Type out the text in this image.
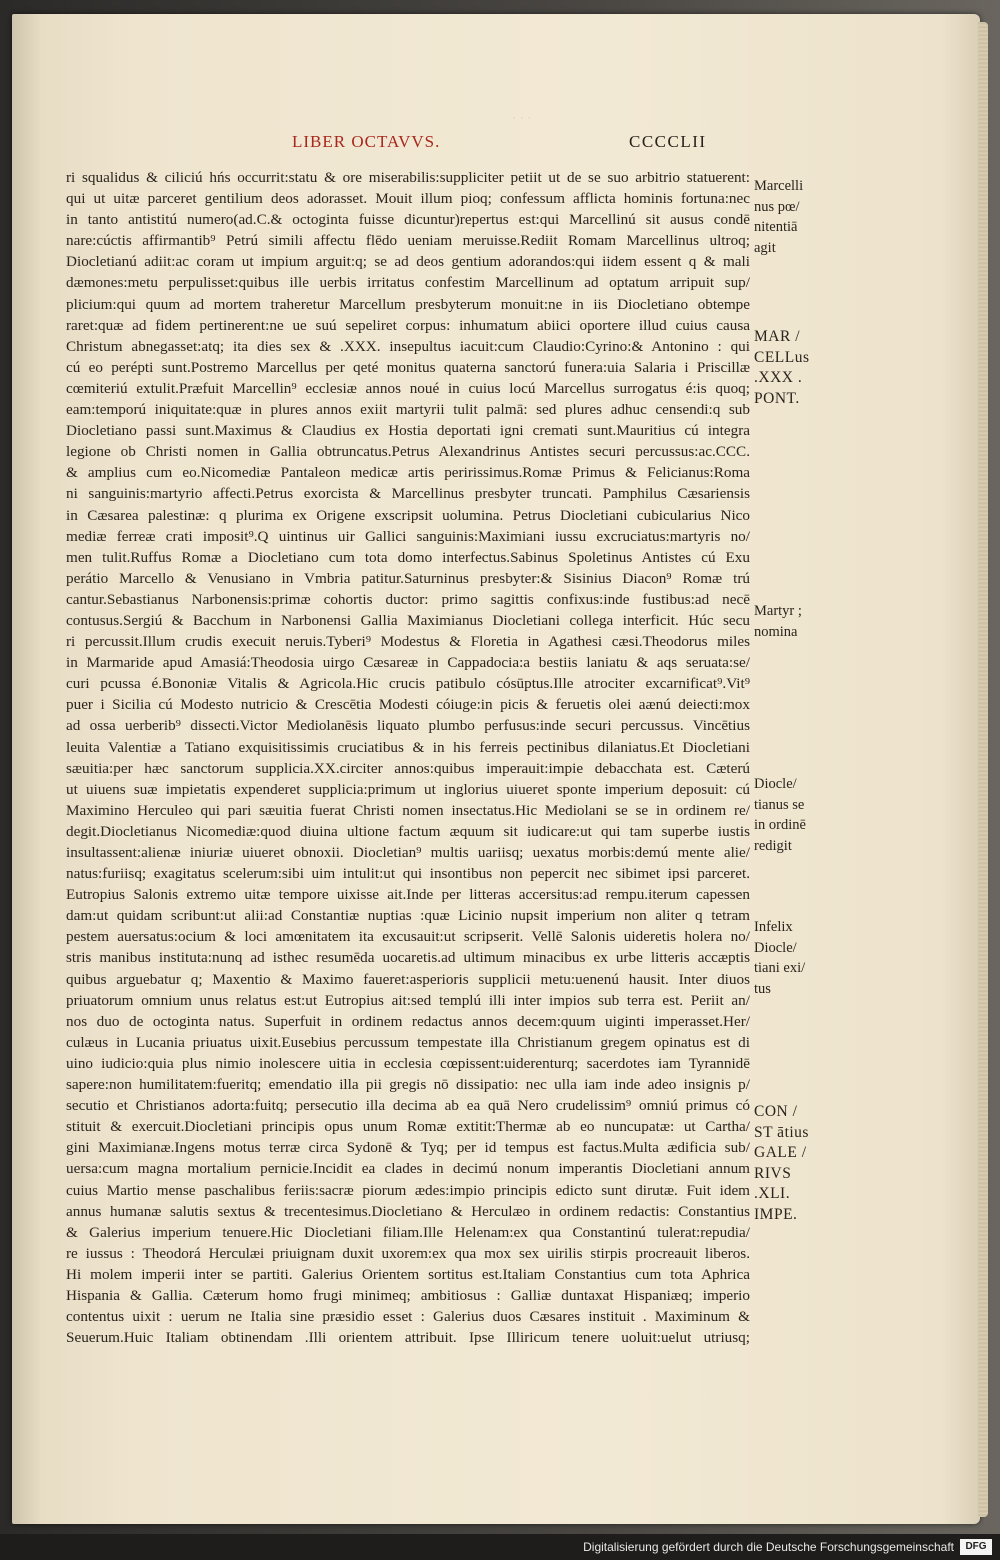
LIBER OCTAVVS.	CCCCLII
ri squalidus & ciliciú hńs occurrit:statu & ore miserabilis:suppliciter petiit ut de se suo arbitrio statuerent:
qui ut uitæ parceret gentilium deos adorasset. Mouit illum pioq; confessum afflicta hominis fortuna:nec
in tanto antistitú numero(ad.C.& octoginta fuisse dicuntur)repertus est:qui Marcellinú sit ausus condē
nare:cúctis affirmantib⁹ Petrú simili affectu flēdo ueniam meruisse.Rediit Romam Marcellinus ultroq;
Diocletianú adiit:ac coram ut impium arguit:q; se ad deos gentium adorandos:qui iidem essent q & mali
dæmones:metu perpulisset:quibus ille uerbis irritatus confestim Marcellinum ad optatum arripuit sup/
plicium:qui quum ad mortem traheretur Marcellum presbyterum monuit:ne in iis Diocletiano obtempe
raret:quæ ad fidem pertinerent:ne ue suú sepeliret corpus: inhumatum abiici oportere illud cuius causa
Christum abnegasset:atq; ita dies sex & .XXX. insepultus iacuit:cum Claudio:Cyrino:& Antonino : qui
cú eo perépti sunt.Postremo Marcellus per qeté monitus quaterna sanctorú funera:uia Salaria i Priscillæ
cœmiteriú extulit.Præfuit Marcellin⁹ ecclesiæ annos noué in cuius locú Marcellus surrogatus é:is quoq;
eam:temporú iniquitate:quæ in plures annos exiit martyrii tulit palmā: sed plures adhuc censendi:q sub
Diocletiano passi sunt.Maximus & Claudius ex Hostia deportati igni cremati sunt.Mauritius cú integra
legione ob Christi nomen in Gallia obtruncatus.Petrus Alexandrinus Antistes securi percussus:ac.CCC.
& amplius cum eo.Nicomediæ Pantaleon medicæ artis peririssimus.Romæ Primus & Felicianus:Roma
ni sanguinis:martyrio affecti.Petrus exorcista & Marcellinus presbyter truncati. Pamphilus Cæsariensis
in Cæsarea palestinæ: q plurima ex Origene exscripsit uolumina. Petrus Diocletiani cubicularius Nico
mediæ ferreæ crati imposit⁹.Q uintinus uir Gallici sanguinis:Maximiani iussu excruciatus:martyris no/
men tulit.Ruffus Romæ a Diocletiano cum tota domo interfectus.Sabinus Spoletinus Antistes cú Exu
perátio Marcello & Venusiano in Vmbria patitur.Saturninus presbyter:& Sisinius Diacon⁹ Romæ trú
cantur.Sebastianus Narbonensis:primæ cohortis ductor: primo sagittis confixus:inde fustibus:ad necē
contusus.Sergiú & Bacchum in Narbonensi Gallia Maximianus Diocletiani collega interficit. Húc secu
ri percussit.Illum crudis execuit neruis.Tyberi⁹ Modestus & Floretia in Agathesi cæsi.Theodorus miles
in Marmaride apud Amasiá:Theodosia uirgo Cæsareæ in Cappadocia:a bestiis laniatu & aqs seruata:se/
curi pcussa é.Bononiæ Vitalis & Agricola.Hic crucis patibulo cósūptus.Ille atrociter excarnificat⁹.Vit⁹
puer i Sicilia cú Modesto nutricio & Crescētia Modesti cóiuge:in picis & feruetis olei aænú deiecti:mox
ad ossa uerberib⁹ dissecti.Victor Mediolanēsis liquato plumbo perfusus:inde securi percussus. Vincētius
leuita Valentiæ a Tatiano exquisitissimis cruciatibus & in his ferreis pectinibus dilaniatus.Et Diocletiani
sæuitia:per hæc sanctorum supplicia.XX.circiter annos:quibus imperauit:impie debacchata est. Cæterú
ut uiuens suæ impietatis expenderet supplicia:primum ut inglorius uiueret sponte imperium deposuit: cú
Maximino Herculeo qui pari sæuitia fuerat Christi nomen insectatus.Hic Mediolani se se in ordinem re/
degit.Diocletianus Nicomediæ:quod diuina ultione factum æquum sit iudicare:ut qui tam superbe iustis
insultassent:alienæ iniuriæ uiueret obnoxii. Diocletian⁹ multis uariisq; uexatus morbis:demú mente alie/
natus:furiisq; exagitatus scelerum:sibi uim intulit:ut qui insontibus non pepercit nec sibimet ipsi parceret.
Eutropius Salonis extremo uitæ tempore uixisse ait.Inde per litteras accersitus:ad rempu.iterum capessen
dam:ut quidam scribunt:ut alii:ad Constantiæ nuptias :quæ Licinio nupsit imperium non aliter q tetram
pestem auersatus:ocium & loci amœnitatem ita excusauit:ut scripserit. Vellē Salonis uideretis holera no/
stris manibus instituta:nunq ad isthec resumēda uocaretis.ad ultimum minacibus ex urbe litteris accæptis
quibus arguebatur q; Maxentio & Maximo faueret:asperioris supplicii metu:uenenú hausit. Inter diuos
priuatorum omnium unus relatus est:ut Eutropius ait:sed templú illi inter impios sub terra est. Periit an/
nos duo de octoginta natus. Superfuit in ordinem redactus annos decem:quum uiginti imperasset.Her/
culæus in Lucania priuatus uixit.Eusebius percussum tempestate illa Christianum gregem opinatus est di
uino iudicio:quia plus nimio inolescere uitia in ecclesia cœpissent:uiderenturq; sacerdotes iam Tyrannidē
sapere:non humilitatem:fueritq; emendatio illa pii gregis nō dissipatio: nec ulla iam inde adeo insignis p/
secutio et Christianos adorta:fuitq; persecutio illa decima ab ea quā Nero crudelissim⁹ omniú primus có
stituit & exercuit.Diocletiani principis opus unum Romæ extitit:Thermæ ab eo nuncupatæ: ut Cartha/
gini Maximianæ.Ingens motus terræ circa Sydonē & Tyq; per id tempus est factus.Multa ædificia sub/
uersa:cum magna mortalium pernicie.Incidit ea clades in decimú nonum imperantis Diocletiani annum
cuius Martio mense paschalibus feriis:sacræ piorum ædes:impio principis edicto sunt dirutæ. Fuit idem
annus humanæ salutis sextus & trecentesimus.Diocletiano & Herculæo in ordinem redactis: Constantius
& Galerius imperium tenuere.Hic Diocletiani filiam.Ille Helenam:ex qua Constantinú tulerat:repudia/
re iussus : Theodorá Herculæi priuignam duxit uxorem:ex qua mox sex uirilis stirpis procreauit liberos.
Hi molem imperii inter se partiti. Galerius Orientem sortitus est.Italiam Constantius cum tota Aphrica
Hispania & Gallia. Cæterum homo frugi minimeq; ambitiosus : Galliæ duntaxat Hispaniæq; imperio
contentus uixit : uerum ne Italia sine præsidio esset : Galerius duos Cæsares instituit . Maximinum &
Seuerum.Huic Italiam obtinendam .Illi orientem attribuit. Ipse Illiricum tenere uoluit:uelut utriusq;
Marcelli
nus pœ/
nitentiā
agit
MAR /
CELLus
.XXX .
PONT.
Martyr ;
nomina
Diocle/
tianus se
in ordinē
redigit
Infelix
Diocle/
tiani exi/
tus
CON /
ST ātius
GALE /
RIVS
.XLI.
IMPE.
· · ·
Digitalisierung gefördert durch die Deutsche Forschungsgemeinschaft	DFG
